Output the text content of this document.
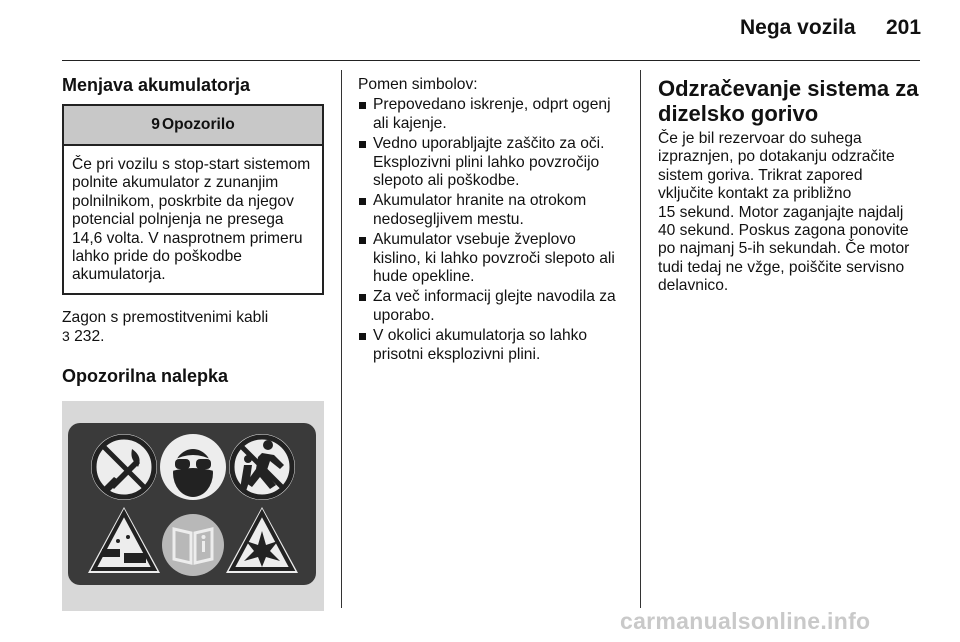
Nega vozila 201
Menjava akumulatorja
9 Opozorilo
Če pri vozilu s stop-start sistemom
polnite akumulator z zunanjim
polnilnikom, poskrbite da njegov
potencial polnjenja ne presega
14,6 volta. V nasprotnem primeru
lahko pride do poškodbe
akumulatorja.
Zagon s premostitvenimi kabli
3 232.
Opozorilna nalepka
Pomen simbolov:
Prepovedano iskrenje, odprt ogenj
ali kajenje.
Vedno uporabljajte zaščito za oči.
Eksplozivni plini lahko povzročijo
slepoto ali poškodbe.
Akumulator hranite na otrokom
nedosegljivem mestu.
Akumulator vsebuje žveplovo
kislino, ki lahko povzroči slepoto ali
hude opekline.
Za več informacij glejte navodila za
uporabo.
V okolici akumulatorja so lahko
prisotni eksplozivni plini.
Odzračevanje sistema za
dizelsko gorivo
Če je bil rezervoar do suhega
izpraznjen, po dotakanju odzračite
sistem goriva. Trikrat zapored
vključite kontakt za približno
15 sekund. Motor zaganjajte najdalj
40 sekund. Poskus zagona ponovite
po najmanj 5-ih sekundah. Če motor
tudi tedaj ne vžge, poiščite servisno
delavnico.
carmanualsonline.info
